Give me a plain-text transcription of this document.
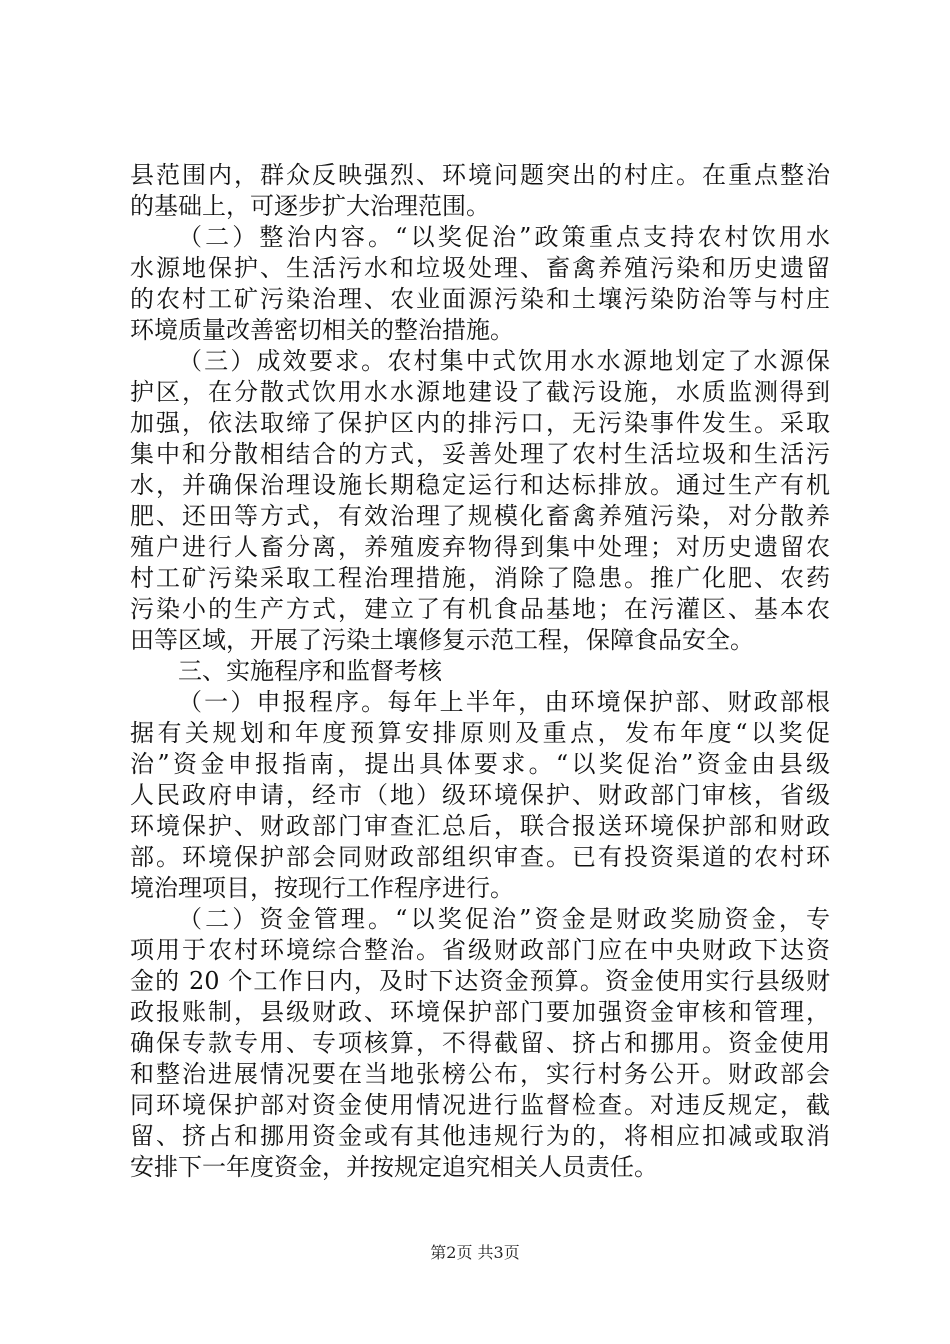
县范围内，群众反映强烈、环境问题突出的村庄。在重点整治
的基础上，可逐步扩大治理范围。
（二）整治内容。“以奖促治”政策重点支持农村饮用水
水源地保护、生活污水和垃圾处理、畜禽养殖污染和历史遗留
的农村工矿污染治理、农业面源污染和土壤污染防治等与村庄
环境质量改善密切相关的整治措施。
（三）成效要求。农村集中式饮用水水源地划定了水源保
护区，在分散式饮用水水源地建设了截污设施，水质监测得到
加强，依法取缔了保护区内的排污口，无污染事件发生。采取
集中和分散相结合的方式，妥善处理了农村生活垃圾和生活污
水，并确保治理设施长期稳定运行和达标排放。通过生产有机
肥、还田等方式，有效治理了规模化畜禽养殖污染，对分散养
殖户进行人畜分离，养殖废弃物得到集中处理；对历史遗留农
村工矿污染采取工程治理措施，消除了隐患。推广化肥、农药
污染小的生产方式，建立了有机食品基地；在污灌区、基本农
田等区域，开展了污染土壤修复示范工程，保障食品安全。
三、实施程序和监督考核
（一）申报程序。每年上半年，由环境保护部、财政部根
据有关规划和年度预算安排原则及重点，发布年度“以奖促
治”资金申报指南，提出具体要求。“以奖促治”资金由县级
人民政府申请，经市（地）级环境保护、财政部门审核，省级
环境保护、财政部门审查汇总后，联合报送环境保护部和财政
部。环境保护部会同财政部组织审查。已有投资渠道的农村环
境治理项目，按现行工作程序进行。
（二）资金管理。“以奖促治”资金是财政奖励资金，专
项用于农村环境综合整治。省级财政部门应在中央财政下达资
金的 20 个工作日内，及时下达资金预算。资金使用实行县级财
政报账制，县级财政、环境保护部门要加强资金审核和管理，
确保专款专用、专项核算，不得截留、挤占和挪用。资金使用
和整治进展情况要在当地张榜公布，实行村务公开。财政部会
同环境保护部对资金使用情况进行监督检查。对违反规定，截
留、挤占和挪用资金或有其他违规行为的，将相应扣减或取消
安排下一年度资金，并按规定追究相关人员责任。
第2页 共3页
